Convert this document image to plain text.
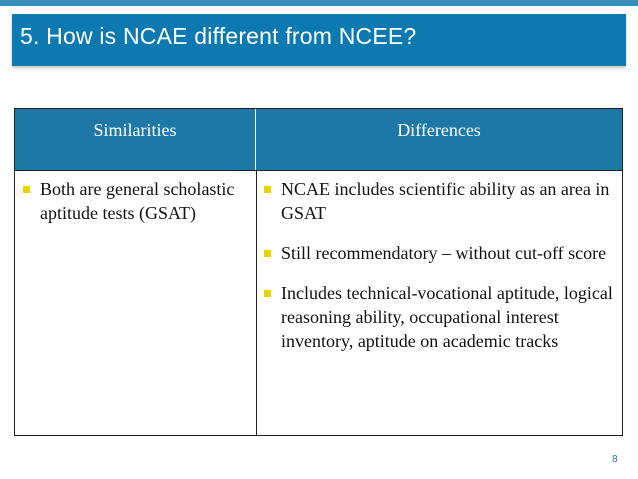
5. How is NCAE different from NCEE?
Similarities	Differences
Both are general scholastic aptitude tests (GSAT)
NCAE includes scientific ability as an area in GSAT
Still recommendatory – without cut-off score
Includes technical-vocational aptitude, logical reasoning ability, occupational interest inventory, aptitude on academic tracks
8
